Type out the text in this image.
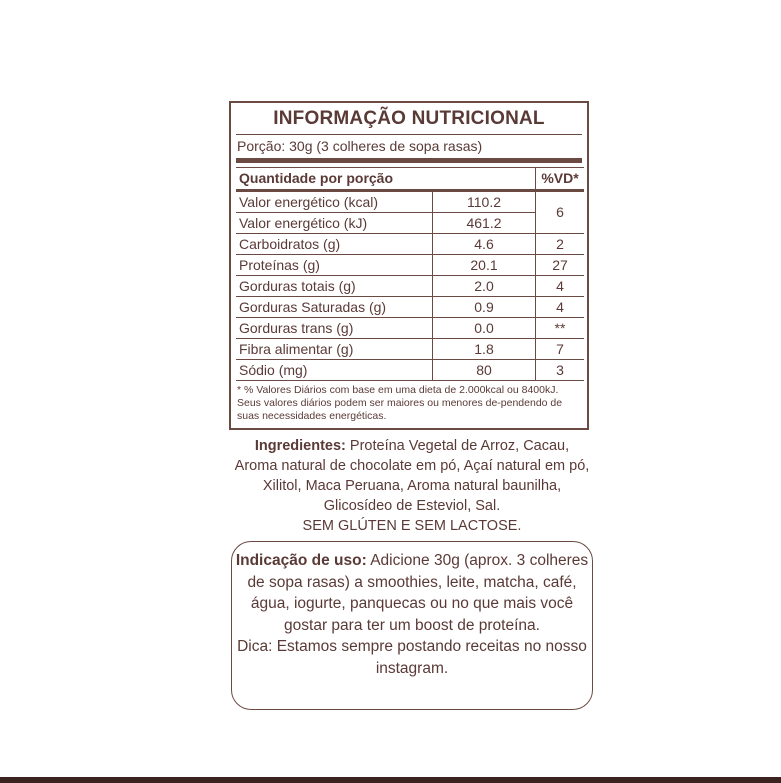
INFORMAÇÃO NUTRICIONAL
Porção: 30g (3 colheres de sopa rasas)
Quantidade por porção		%VD*
Valor energético (kcal)	110.2	6
Valor energético (kJ)	461.2	
Carboidratos (g)	4.6	2
Proteínas (g)	20.1	27
Gorduras totais (g)	2.0	4
Gorduras Saturadas (g)	0.9	4
Gorduras trans (g)	0.0	**
Fibra alimentar (g)	1.8	7
Sódio (mg)	80	3
* % Valores Diários com base em uma dieta de 2.000kcal ou 8400kJ. Seus valores diários podem ser maiores ou menores de-pendendo de suas necessidades energéticas.
Ingredientes: Proteína Vegetal de Arroz, Cacau, Aroma natural de chocolate em pó, Açaí natural em pó, Xilitol, Maca Peruana, Aroma natural baunilha, Glicosídeo de Esteviol, Sal.
SEM GLÚTEN E SEM LACTOSE.
Indicação de uso: Adicione 30g (aprox. 3 colheres de sopa rasas) a smoothies, leite, matcha, café, água, iogurte, panquecas ou no que mais você gostar para ter um boost de proteína.
Dica: Estamos sempre postando receitas no nosso instagram.
